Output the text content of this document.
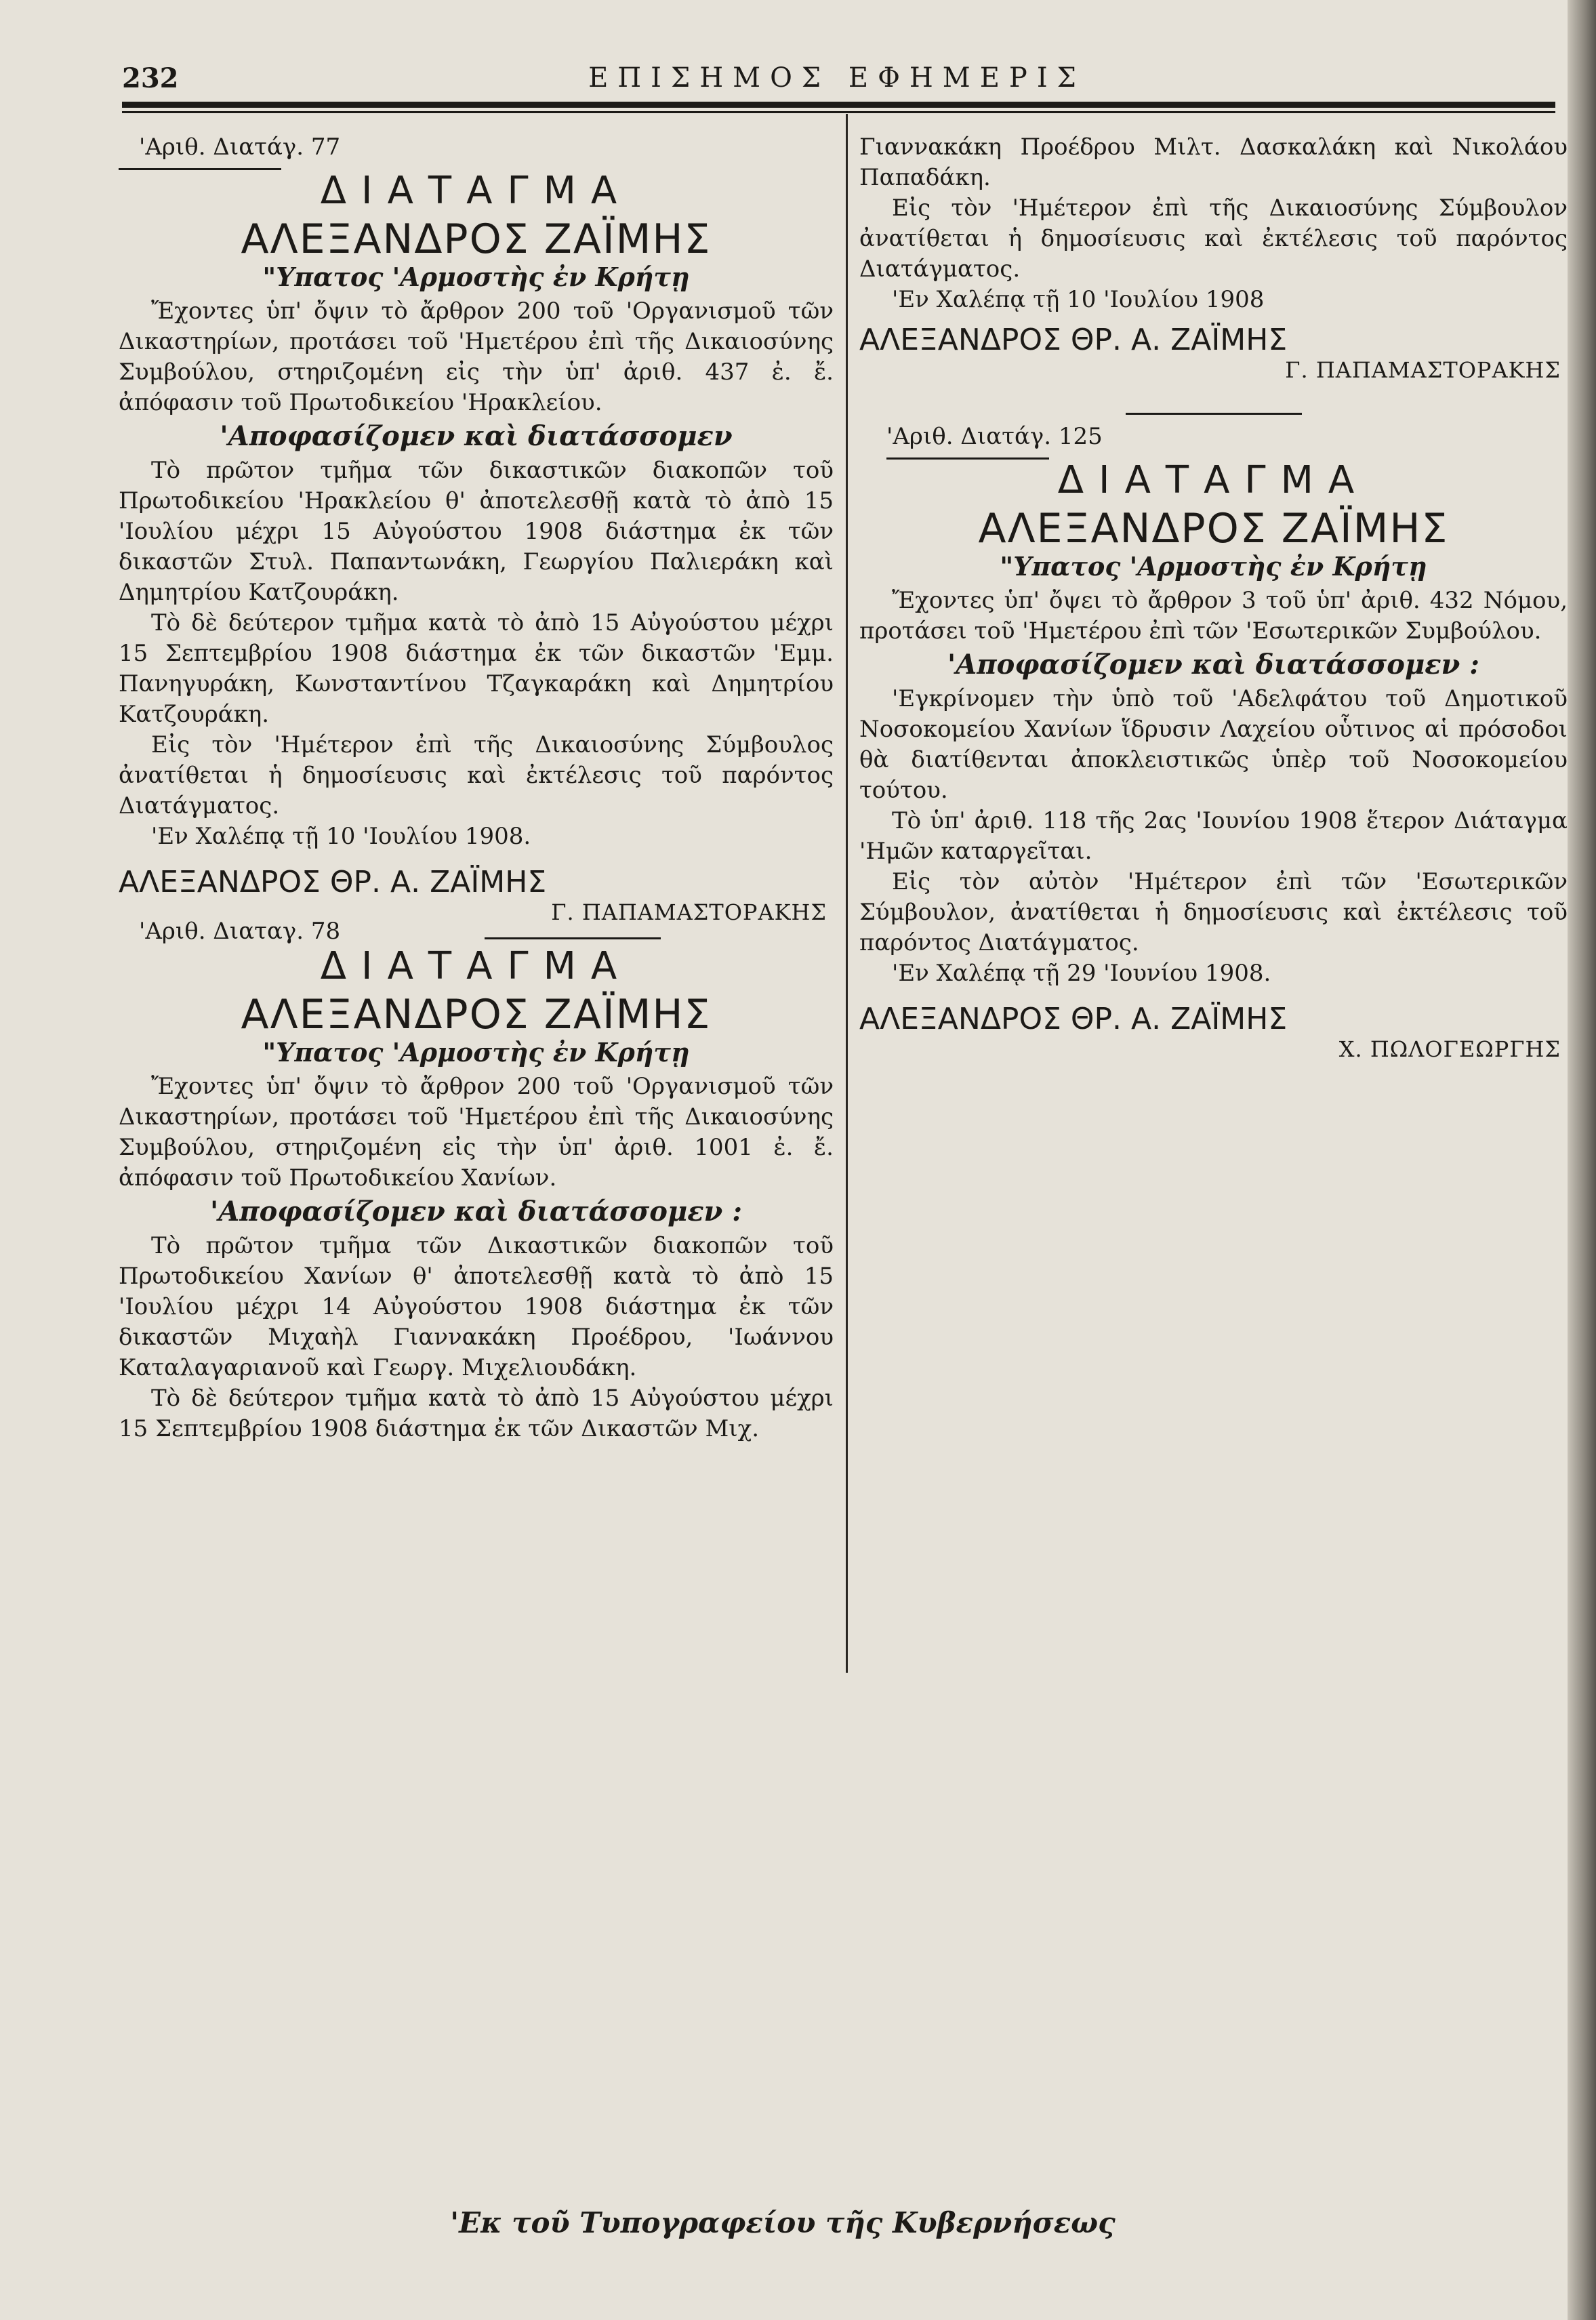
232	ΕΠΙΣΗΜΟΣ ΕΦΗΜΕΡΙΣ

'Αριθ. Διατάγ. 77

ΔΙΑΤΑΓΜΑ
ΑΛΕΞΑΝΔΡΟΣ ΖΑΪΜΗΣ
"Υπατος 'Αρμοστὴς ἐν Κρήτῃ

Ἔχοντες ὑπ' ὄψιν τὸ ἄρθρον 200 τοῦ 'Οργανισμοῦ τῶν Δικαστηρίων, προτάσει τοῦ 'Ημετέρου ἐπὶ τῆς Δικαιοσύνης Συμβούλου, στηριζομένη εἰς τὴν ὑπ' ἀριθ. 437 ἐ. ἔ. ἀπόφασιν τοῦ Πρωτοδικείου 'Ηρακλείου.

'Αποφασίζομεν καὶ διατάσσομεν

Τὸ πρῶτον τμῆμα τῶν δικαστικῶν διακοπῶν τοῦ Πρωτοδικείου 'Ηρακλείου θ' ἀποτελεσθῇ κατὰ τὸ ἀπὸ 15 'Ιουλίου μέχρι 15 Αὐγούστου 1908 διάστημα ἐκ τῶν δικαστῶν Στυλ. Παπαντωνάκη, Γεωργίου Παλιεράκη καὶ Δημητρίου Κατζουράκη.

Τὸ δὲ δεύτερον τμῆμα κατὰ τὸ ἀπὸ 15 Αὐγούστου μέχρι 15 Σεπτεμβρίου 1908 διάστημα ἐκ τῶν δικαστῶν 'Εμμ. Πανηγυράκη, Κωνσταντίνου Τζαγκαράκη καὶ Δημητρίου Κατζουράκη.

Εἰς τὸν 'Ημέτερον ἐπὶ τῆς Δικαιοσύνης Σύμβουλος ἀνατίθεται ἡ δημοσίευσις καὶ ἐκτέλεσις τοῦ παρόντος Διατάγματος.

'Εν Χαλέπᾳ τῇ 10 'Ιουλίου 1908.

ΑΛΕΞΑΝΔΡΟΣ ΘΡ. Α. ΖΑΪΜΗΣ
Γ. ΠΑΠΑΜΑΣΤΟΡΑΚΗΣ

'Αριθ. Διαταγ. 78

ΔΙΑΤΑΓΜΑ
ΑΛΕΞΑΝΔΡΟΣ ΖΑΪΜΗΣ
"Υπατος 'Αρμοστὴς ἐν Κρήτῃ

Ἔχοντες ὑπ' ὄψιν τὸ ἄρθρον 200 τοῦ 'Οργανισμοῦ τῶν Δικαστηρίων, προτάσει τοῦ 'Ημετέρου ἐπὶ τῆς Δικαιοσύνης Συμβούλου, στηριζομένη εἰς τὴν ὑπ' ἀριθ. 1001 ἐ. ἔ. ἀπόφασιν τοῦ Πρωτοδικείου Χανίων.

'Αποφασίζομεν καὶ διατάσσομεν :

Τὸ πρῶτον τμῆμα τῶν Δικαστικῶν διακοπῶν τοῦ Πρωτοδικείου Χανίων θ' ἀποτελεσθῇ κατὰ τὸ ἀπὸ 15 'Ιουλίου μέχρι 14 Αὐγούστου 1908 διάστημα ἐκ τῶν δικαστῶν Μιχαὴλ Γιαννακάκη Προέδρου, 'Ιωάννου Καταλαγαριανοῦ καὶ Γεωργ. Μιχελιουδάκη.

Τὸ δὲ δεύτερον τμῆμα κατὰ τὸ ἀπὸ 15 Αὐγούστου μέχρι 15 Σεπτεμβρίου 1908 διάστημα ἐκ τῶν Δικαστῶν Μιχ.

Γιαννακάκη Προέδρου Μιλτ. Δασκαλάκη καὶ Νικολάου Παπαδάκη.

Εἰς τὸν 'Ημέτερον ἐπὶ τῆς Δικαιοσύνης Σύμβουλον ἀνατίθεται ἡ δημοσίευσις καὶ ἐκτέλεσις τοῦ παρόντος Διατάγματος.

'Εν Χαλέπᾳ τῇ 10 'Ιουλίου 1908

ΑΛΕΞΑΝΔΡΟΣ ΘΡ. Α. ΖΑΪΜΗΣ
Γ. ΠΑΠΑΜΑΣΤΟΡΑΚΗΣ

'Αριθ. Διατάγ. 125

ΔΙΑΤΑΓΜΑ
ΑΛΕΞΑΝΔΡΟΣ ΖΑΪΜΗΣ
"Υπατος 'Αρμοστὴς ἐν Κρήτῃ

Ἔχοντες ὑπ' ὄψει τὸ ἄρθρον 3 τοῦ ὑπ' ἀριθ. 432 Νόμου, προτάσει τοῦ 'Ημετέρου ἐπὶ τῶν 'Εσωτερικῶν Συμβούλου.

'Αποφασίζομεν καὶ διατάσσομεν :

'Εγκρίνομεν τὴν ὑπὸ τοῦ 'Αδελφάτου τοῦ Δημοτικοῦ Νοσοκομείου Χανίων ἵδρυσιν Λαχείου οὗτινος αἱ πρόσοδοι θὰ διατίθενται ἀποκλειστικῶς ὑπὲρ τοῦ Νοσοκομείου τούτου.

Τὸ ὑπ' ἀριθ. 118 τῆς 2ας 'Ιουνίου 1908 ἕτερον Διάταγμα 'Ημῶν καταργεῖται.

Εἰς τὸν αὐτὸν 'Ημέτερον ἐπὶ τῶν 'Εσωτερικῶν Σύμβουλον, ἀνατίθεται ἡ δημοσίευσις καὶ ἐκτέλεσις τοῦ παρόντος Διατάγματος.

'Εν Χαλέπᾳ τῇ 29 'Ιουνίου 1908.

ΑΛΕΞΑΝΔΡΟΣ ΘΡ. Α. ΖΑΪΜΗΣ
Χ. ΠΩΛΟΓΕΩΡΓΗΣ
'Εκ τοῦ Τυπογραφείου τῆς Κυβερνήσεως
